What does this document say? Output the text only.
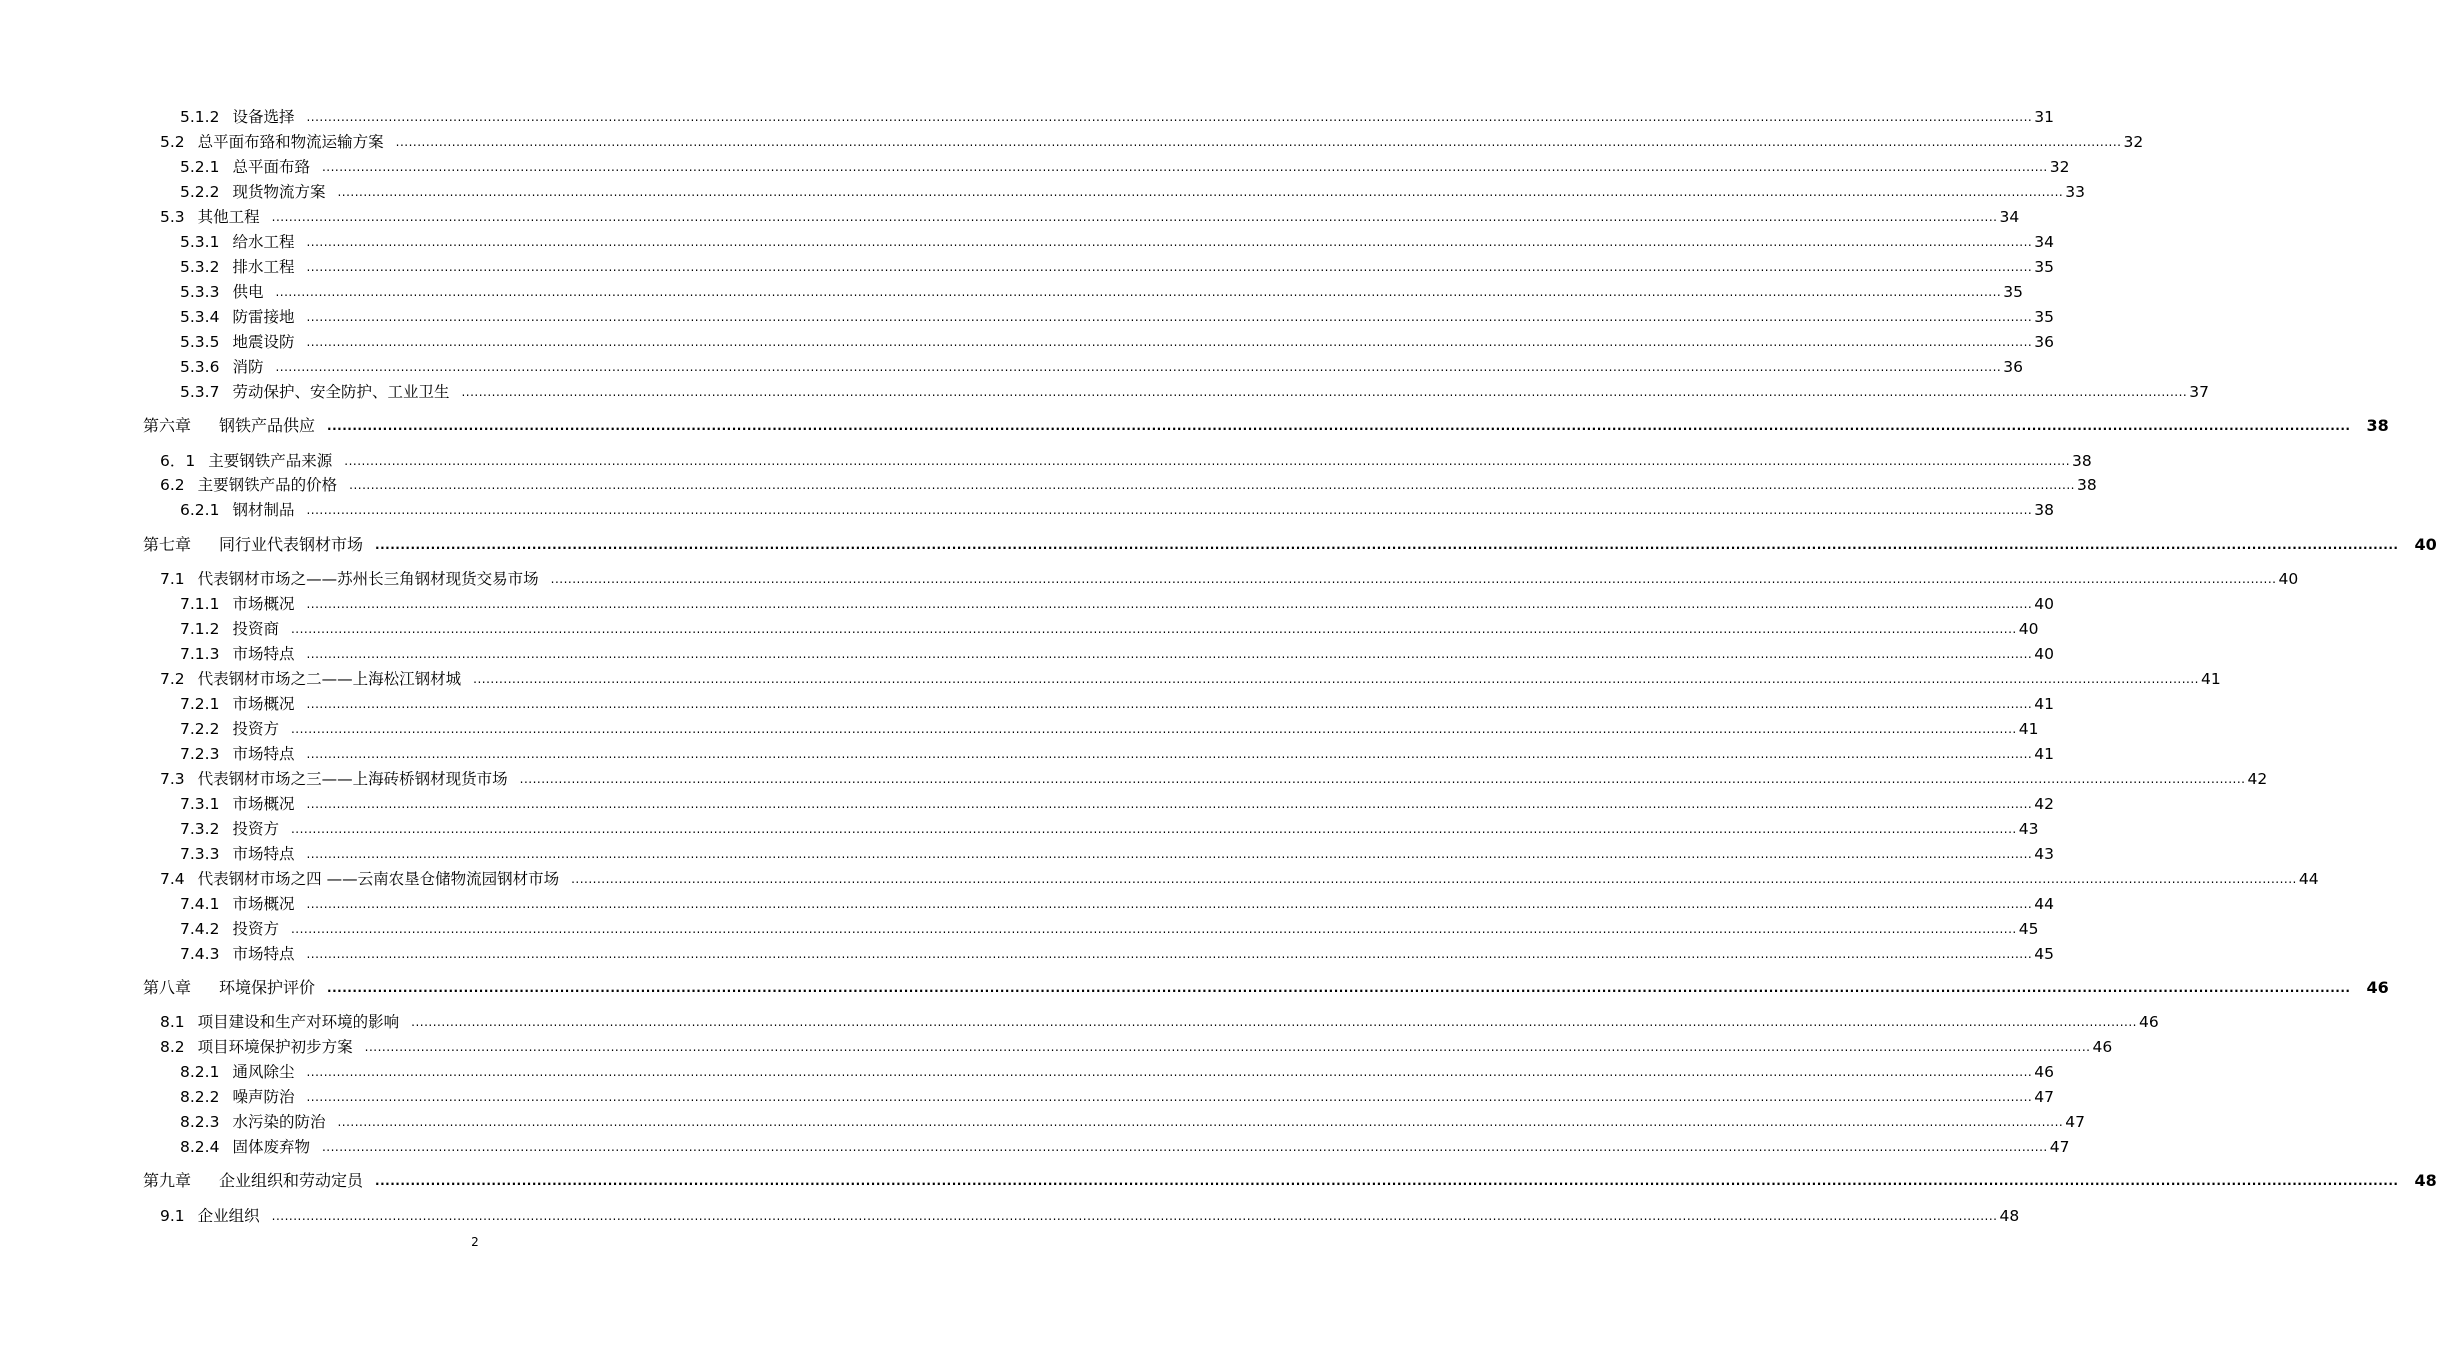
5.1.2 设备选择 ................................................................................................................................................................................................................................................................................................................................................................................................................ 31
5.2 总平面布臵和物流运输方案 ................................................................................................................................................................................................................................................................................................................................................................................................................ 32
5.2.1 总平面布臵 ................................................................................................................................................................................................................................................................................................................................................................................................................ 32
5.2.2 现货物流方案 ................................................................................................................................................................................................................................................................................................................................................................................................................ 33
5.3 其他工程 ................................................................................................................................................................................................................................................................................................................................................................................................................ 34
5.3.1 给水工程 ................................................................................................................................................................................................................................................................................................................................................................................................................ 34
5.3.2 排水工程 ................................................................................................................................................................................................................................................................................................................................................................................................................ 35
5.3.3 供电 ................................................................................................................................................................................................................................................................................................................................................................................................................ 35
5.3.4 防雷接地 ................................................................................................................................................................................................................................................................................................................................................................................................................ 35
5.3.5 地震设防 ................................................................................................................................................................................................................................................................................................................................................................................................................ 36
5.3.6 消防 ................................................................................................................................................................................................................................................................................................................................................................................................................ 36
5.3.7 劳动保护、安全防护、工业卫生 ................................................................................................................................................................................................................................................................................................................................................................................................................ 37
第六章 钢铁产品供应 ................................................................................................................................................................................................................................................................................................................................................................................................................ 38
6．1 主要钢铁产品来源 ................................................................................................................................................................................................................................................................................................................................................................................................................ 38
6.2 主要钢铁产品的价格 ................................................................................................................................................................................................................................................................................................................................................................................................................ 38
6.2.1 钢材制品 ................................................................................................................................................................................................................................................................................................................................................................................................................ 38
第七章 同行业代表钢材市场 ................................................................................................................................................................................................................................................................................................................................................................................................................ 40
7.1 代表钢材市场之——苏州长三角钢材现货交易市场 ................................................................................................................................................................................................................................................................................................................................................................................................................ 40
7.1.1 市场概况 ................................................................................................................................................................................................................................................................................................................................................................................................................ 40
7.1.2 投资商 ................................................................................................................................................................................................................................................................................................................................................................................................................ 40
7.1.3 市场特点 ................................................................................................................................................................................................................................................................................................................................................................................................................ 40
7.2 代表钢材市场之二——上海松江钢材城 ................................................................................................................................................................................................................................................................................................................................................................................................................ 41
7.2.1 市场概况 ................................................................................................................................................................................................................................................................................................................................................................................................................ 41
7.2.2 投资方 ................................................................................................................................................................................................................................................................................................................................................................................................................ 41
7.2.3 市场特点 ................................................................................................................................................................................................................................................................................................................................................................................................................ 41
7.3 代表钢材市场之三——上海砖桥钢材现货市场 ................................................................................................................................................................................................................................................................................................................................................................................................................ 42
7.3.1 市场概况 ................................................................................................................................................................................................................................................................................................................................................................................................................ 42
7.3.2 投资方 ................................................................................................................................................................................................................................................................................................................................................................................................................ 43
7.3.3 市场特点 ................................................................................................................................................................................................................................................................................................................................................................................................................ 43
7.4 代表钢材市场之四 ——云南农垦仓储物流园钢材市场 ................................................................................................................................................................................................................................................................................................................................................................................................................ 44
7.4.1 市场概况 ................................................................................................................................................................................................................................................................................................................................................................................................................ 44
7.4.2 投资方 ................................................................................................................................................................................................................................................................................................................................................................................................................ 45
7.4.3 市场特点 ................................................................................................................................................................................................................................................................................................................................................................................................................ 45
第八章 环境保护评价 ................................................................................................................................................................................................................................................................................................................................................................................................................ 46
8.1 项目建设和生产对环境的影响 ................................................................................................................................................................................................................................................................................................................................................................................................................ 46
8.2 项目环境保护初步方案 ................................................................................................................................................................................................................................................................................................................................................................................................................ 46
8.2.1 通风除尘 ................................................................................................................................................................................................................................................................................................................................................................................................................ 46
8.2.2 噪声防治 ................................................................................................................................................................................................................................................................................................................................................................................................................ 47
8.2.3 水污染的防治 ................................................................................................................................................................................................................................................................................................................................................................................................................ 47
8.2.4 固体废弃物 ................................................................................................................................................................................................................................................................................................................................................................................................................ 47
第九章 企业组织和劳动定员 ................................................................................................................................................................................................................................................................................................................................................................................................................ 48
9.1 企业组织 ................................................................................................................................................................................................................................................................................................................................................................................................................ 48
2
